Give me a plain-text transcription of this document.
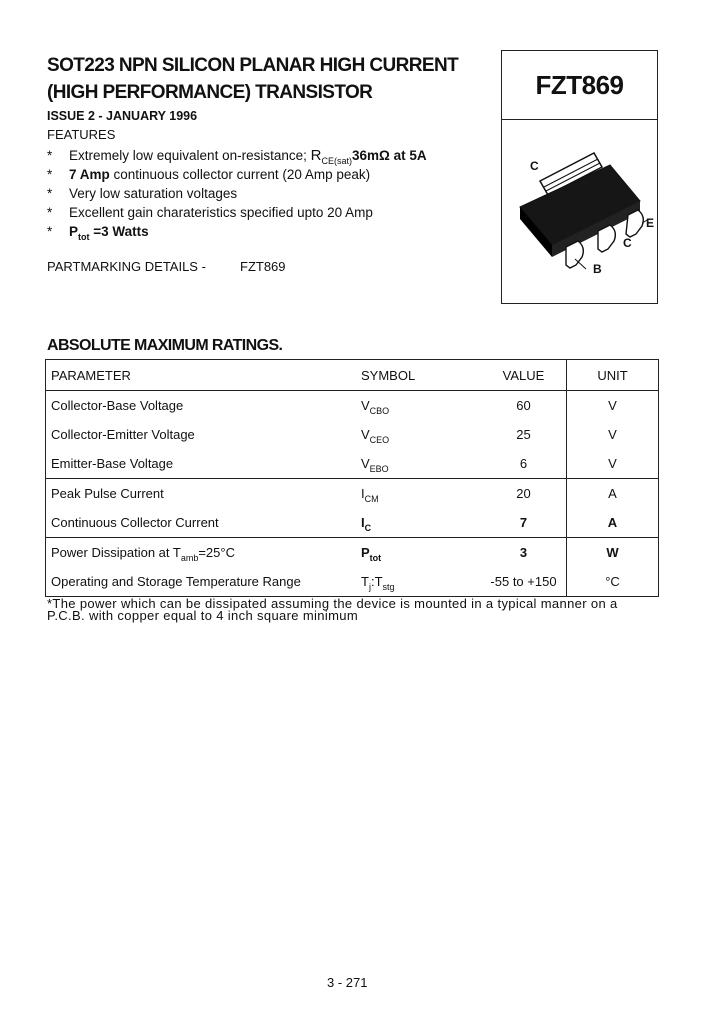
SOT223 NPN SILICON PLANAR HIGH CURRENT
(HIGH PERFORMANCE) TRANSISTOR	FZT869
C
E
C
B
ISSUE 2 - JANUARY 1996
FEATURES
* Extremely low equivalent on-resistance; $R_{CE(sat)}36m\Omega$ at 5A
* 7 Amp continuous collector current (20 Amp peak)
* Very low saturation voltages
* Excellent gain charateristics specified upto 20 Amp
* $P_{tot} =3$ Watts
PARTMARKING DETAILS -	FZT869
ABSOLUTE MAXIMUM RATINGS.
PARAMETER	SYMBOL	VALUE	UNIT
Collector-Base Voltage	$V_{CBO}$	60	V
Collector-Emitter Voltage	$V_{CEO}$	25	V
Emitter-Base Voltage	$V_{EBO}$	6	V
Peak Pulse Current	$I_{CM}$	20	A
Continuous Collector Current	$I_C$	7	A
Power Dissipation at $T_{amb}=25^\circ C$	$P_{tot}$	3	W
Operating and Storage Temperature Range	$T_j:T_{stg}$	-55 to +150	°C
*The power which can be dissipated assuming the device is mounted in a typical manner on a P.C.B. with copper equal to 4 inch square minimum
3 - 271
